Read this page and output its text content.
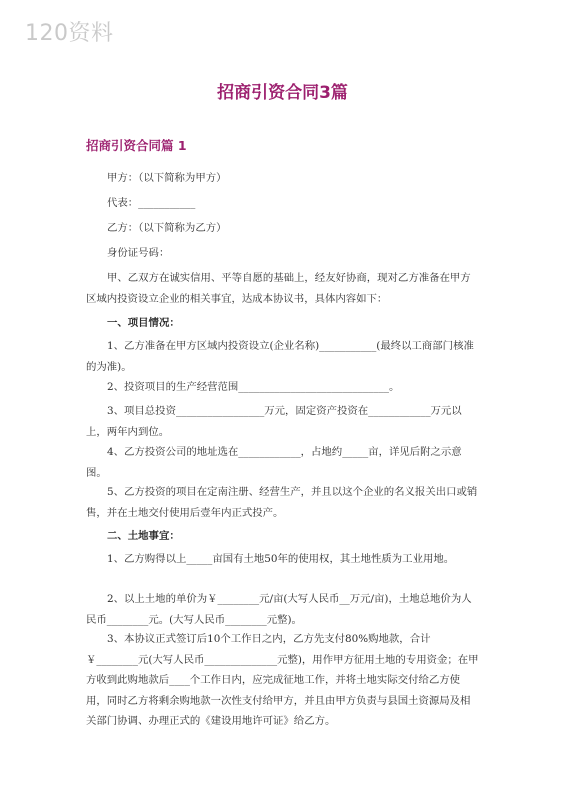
120资料
招商引资合同3篇
招商引资合同篇 1
甲方：（以下简称为甲方）
代表：___________
乙方：（以下简称为乙方）
身份证号码：
甲、乙双方在诚实信用、平等自愿的基础上，经友好协商，现对乙方准备在甲方区域内投资设立企业的相关事宜，达成本协议书，具体内容如下：
一、项目情况：
1、乙方准备在甲方区域内投资设立(企业名称)___________(最终以工商部门核准的为准)。
2、投资项目的生产经营范围_____________________________。
3、项目总投资_________________万元，固定资产投资在____________万元以上，两年内到位。
4、乙方投资公司的地址选在____________，占地约_____亩，详见后附之示意图。
5、乙方投资的项目在定南注册、经营生产，并且以这个企业的名义报关出口或销售，并在土地交付使用后壹年内正式投产。
二、土地事宜：
1、乙方购得以上_____亩国有土地50年的使用权，其土地性质为工业用地。
2、以上土地的单价为￥________元/亩(大写人民币__万元/亩)，土地总地价为人民币________元。(大写人民币________元整)。
3、本协议正式签订后10个工作日之内，乙方先支付80%购地款，合计￥________元(大写人民币______________元整)，用作甲方征用土地的专用资金；在甲方收到此购地款后____个工作日内，应完成征地工作，并将土地实际交付给乙方使用，同时乙方将剩余购地款一次性支付给甲方，并且由甲方负责与县国土资源局及相关部门协调、办理正式的《建设用地许可证》给乙方。
